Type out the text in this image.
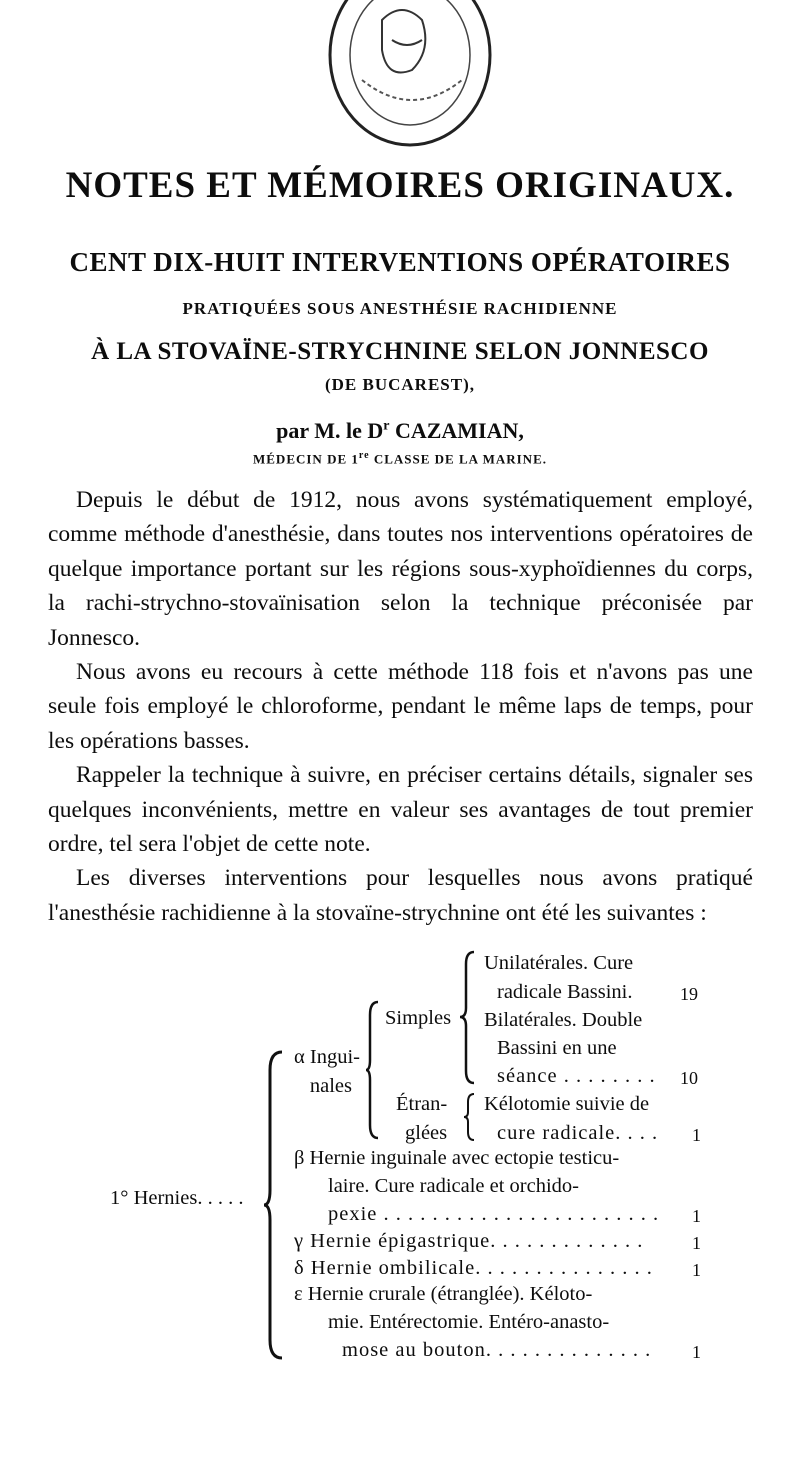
NOTES ET MÉMOIRES ORIGINAUX.
CENT DIX-HUIT INTERVENTIONS OPÉRATOIRES
PRATIQUÉES SOUS ANESTHÉSIE RACHIDIENNE
À LA STOVAÏNE-STRYCHNINE SELON JONNESCO
(DE BUCAREST),
par M. le $D^r$ CAZAMIAN,
MÉDECIN DE 1re CLASSE DE LA MARINE.

Depuis le début de 1912, nous avons systématiquement employé, comme méthode d'anesthésie, dans toutes nos interventions opératoires de quelque importance portant sur les régions sous-xyphoïdiennes du corps, la rachi-strychno-stovaïnisation selon la technique préconisée par Jonnesco.

Nous avons eu recours à cette méthode 118 fois et n'avons pas une seule fois employé le chloroforme, pendant le même laps de temps, pour les opérations basses.

Rappeler la technique à suivre, en préciser certains détails, signaler ses quelques inconvénients, mettre en valeur ses avantages de tout premier ordre, tel sera l'objet de cette note.

Les diverses interventions pour lesquelles nous avons pratiqué l'anesthésie rachidienne à la stovaïne-strychnine ont été les suivantes :

1° Hernies. . . . .
α Ingui-
nales
Simples
Étran-
glées
Unilatérales. Cure
radicale Bassini.	19
Bilatérales. Double
Bassini en une
séance . . . . . . . . 10
Kélotomie suivie de
cure radicale. . . . 1
β Hernie inguinale avec ectopie testicu-
laire. Cure radicale et orchido-
pexie . . . . . . . . . . . . . . . . . . . . . . . 1
γ Hernie épigastrique. . . . . . . . . . . . .	1
δ Hernie ombilicale. . . . . . . . . . . . . . . 1
ε Hernie crurale (étranglée). Kéloto-
mie. Entérectomie. Entéro-anasto-
mose au bouton. . . . . . . . . . . . . . 1
